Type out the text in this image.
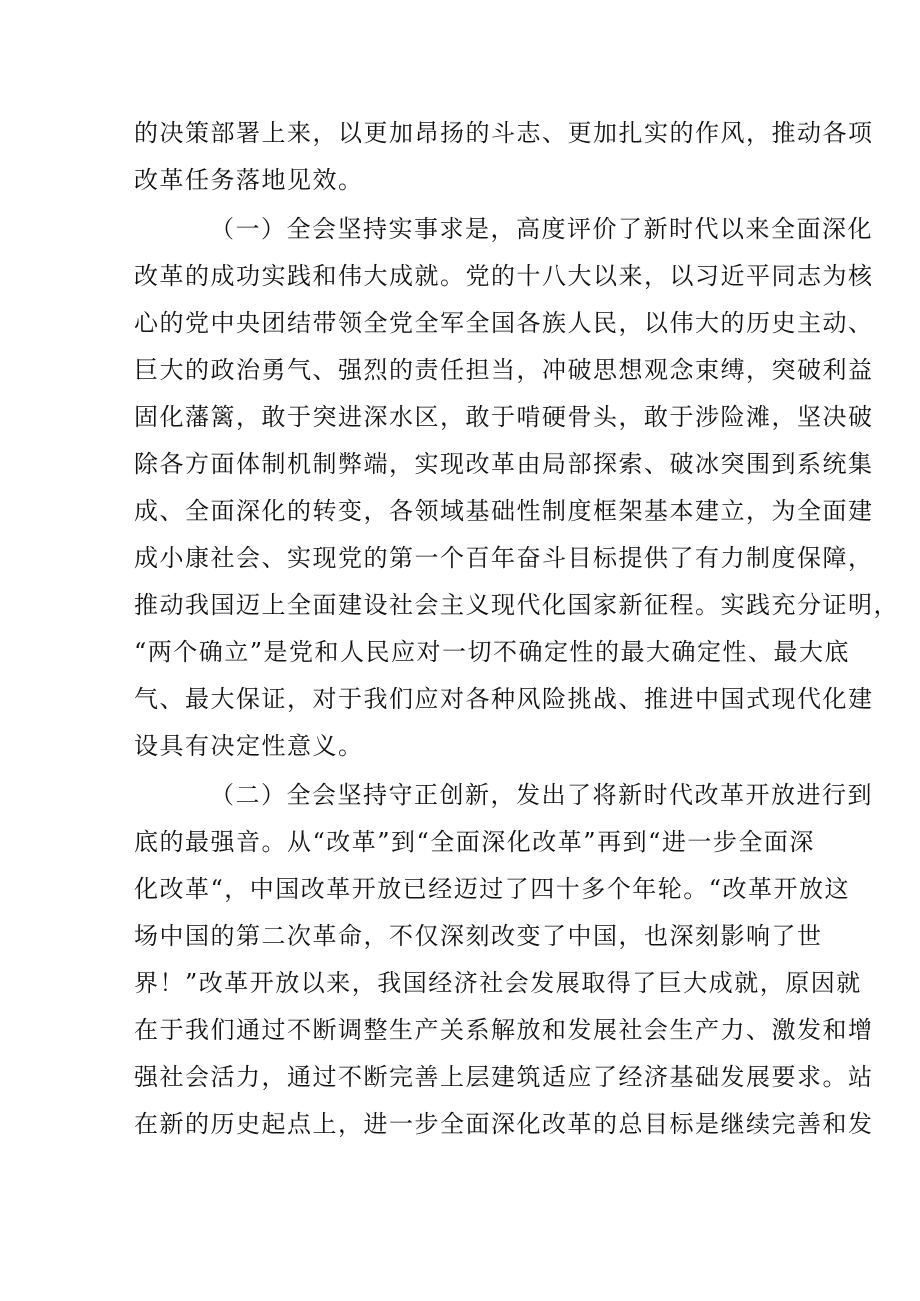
的决策部署上来，以更加昂扬的斗志、更加扎实的作风，推动各项
改革任务落地见效。
（一）全会坚持实事求是，高度评价了新时代以来全面深化
改革的成功实践和伟大成就。党的十八大以来，以习近平同志为核
心的党中央团结带领全党全军全国各族人民，以伟大的历史主动、
巨大的政治勇气、强烈的责任担当，冲破思想观念束缚，突破利益
固化藩篱，敢于突进深水区，敢于啃硬骨头，敢于涉险滩，坚决破
除各方面体制机制弊端，实现改革由局部探索、破冰突围到系统集
成、全面深化的转变，各领域基础性制度框架基本建立，为全面建
成小康社会、实现党的第一个百年奋斗目标提供了有力制度保障，
推动我国迈上全面建设社会主义现代化国家新征程。实践充分证明，
“两个确立”是党和人民应对一切不确定性的最大确定性、最大底
气、最大保证，对于我们应对各种风险挑战、推进中国式现代化建
设具有决定性意义。
（二）全会坚持守正创新，发出了将新时代改革开放进行到
底的最强音。从“改革”到“全面深化改革”再到“进一步全面深
化改革“，中国改革开放已经迈过了四十多个年轮。“改革开放这
场中国的第二次革命，不仅深刻改变了中国，也深刻影响了世
界！”改革开放以来，我国经济社会发展取得了巨大成就，原因就
在于我们通过不断调整生产关系解放和发展社会生产力、激发和增
强社会活力，通过不断完善上层建筑适应了经济基础发展要求。站
在新的历史起点上，进一步全面深化改革的总目标是继续完善和发
